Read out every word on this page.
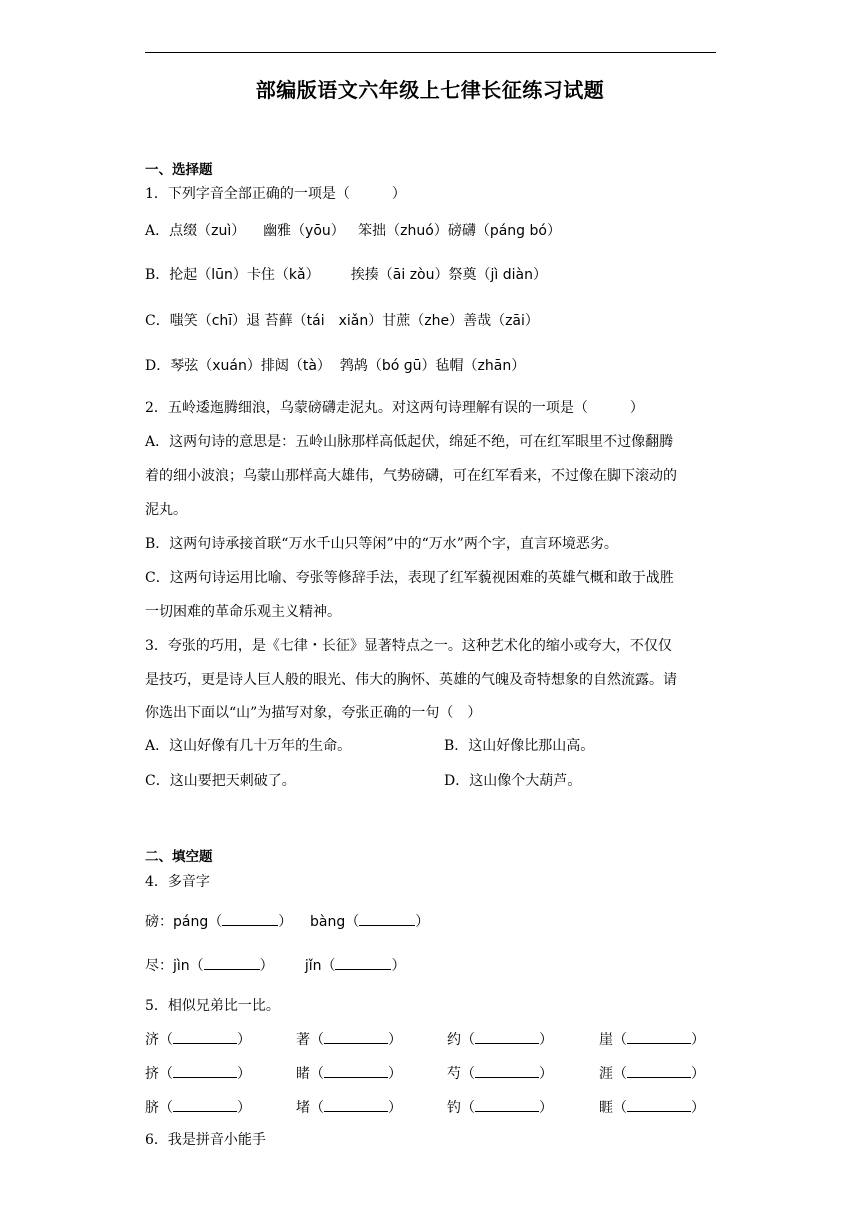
部编版语文六年级上七律长征练习试题
一、选择题
1．下列字音全部正确的一项是（　　　）
A．点缀（zuì） 幽雅（yōu） 笨拙（zhuó）磅礴（páng bó）
B．抡起（lūn）卡住（kǎ） 挨揍（āi zòu）祭奠（jì diàn）
C．嗤笑（chī）退 苔藓（tái　xiǎn）甘蔗（zhe）善哉（zāi）
D．琴弦（xuán）排闼（tà） 鹁鸪（bó ɡū）毡帽（zhān）
2．五岭逶迤腾细浪，乌蒙磅礴走泥丸。对这两句诗理解有误的一项是（　　　）
A．这两句诗的意思是：五岭山脉那样高低起伏，绵延不绝，可在红军眼里不过像翻腾
着的细小波浪；乌蒙山那样高大雄伟，气势磅礴，可在红军看来，不过像在脚下滚动的
泥丸。
B．这两句诗承接首联“万水千山只等闲”中的“万水”两个字，直言环境恶劣。
C．这两句诗运用比喻、夸张等修辞手法，表现了红军藐视困难的英雄气概和敢于战胜
一切困难的革命乐观主义精神。
3．夸张的巧用，是《七律・长征》显著特点之一。这种艺术化的缩小或夸大，不仅仅
是技巧，更是诗人巨人般的眼光、伟大的胸怀、英雄的气魄及奇特想象的自然流露。请
你选出下面以“山”为描写对象，夸张正确的一句（　）
A．这山好像有几十万年的生命。	B．这山好像比那山高。
C．这山要把天刺破了。	D．这山像个大葫芦。
二、填空题
4．多音字
磅：páng（	） bàng（	）
尽：jìn（	） jǐn（	）
5．相似兄弟比一比。
济（	）	著（	）	约（	）	崖（	）
挤（	）	睹（	）	芍（	）	涯（	）
脐（	）	堵（	）	钓（	）	睚（	）
6．我是拼音小能手
